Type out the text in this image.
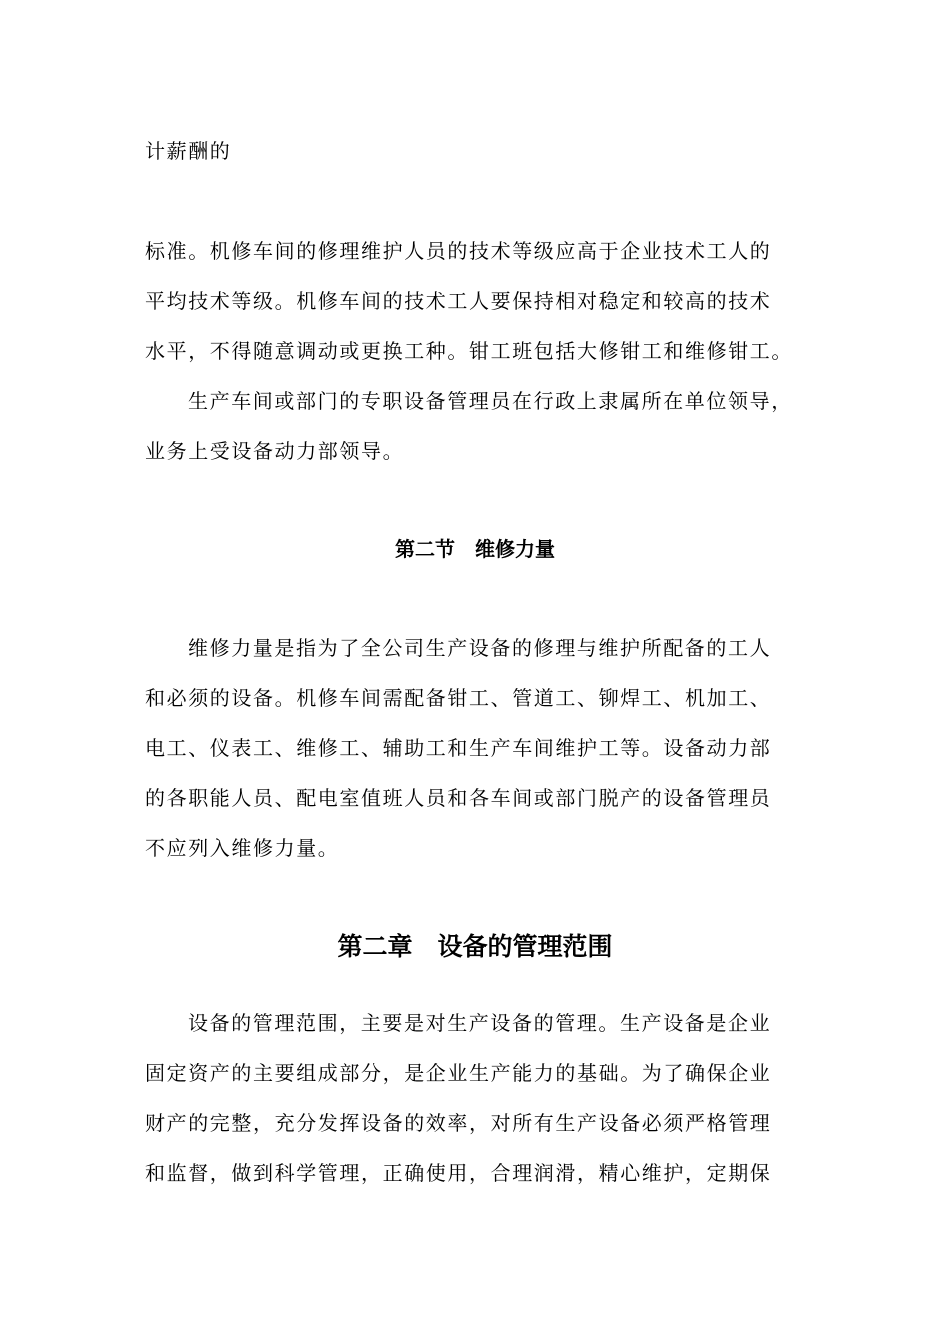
计薪酬的
标准。机修车间的修理维护人员的技术等级应高于企业技术工人的
平均技术等级。机修车间的技术工人要保持相对稳定和较高的技术
水平，不得随意调动或更换工种。钳工班包括大修钳工和维修钳工。
生产车间或部门的专职设备管理员在行政上隶属所在单位领导，
业务上受设备动力部领导。
第二节　维修力量
维修力量是指为了全公司生产设备的修理与维护所配备的工人
和必须的设备。机修车间需配备钳工、管道工、铆焊工、机加工、
电工、仪表工、维修工、辅助工和生产车间维护工等。设备动力部
的各职能人员、配电室值班人员和各车间或部门脱产的设备管理员
不应列入维修力量。
第二章　设备的管理范围
设备的管理范围，主要是对生产设备的管理。生产设备是企业
固定资产的主要组成部分，是企业生产能力的基础。为了确保企业
财产的完整，充分发挥设备的效率，对所有生产设备必须严格管理
和监督，做到科学管理，正确使用，合理润滑，精心维护，定期保
